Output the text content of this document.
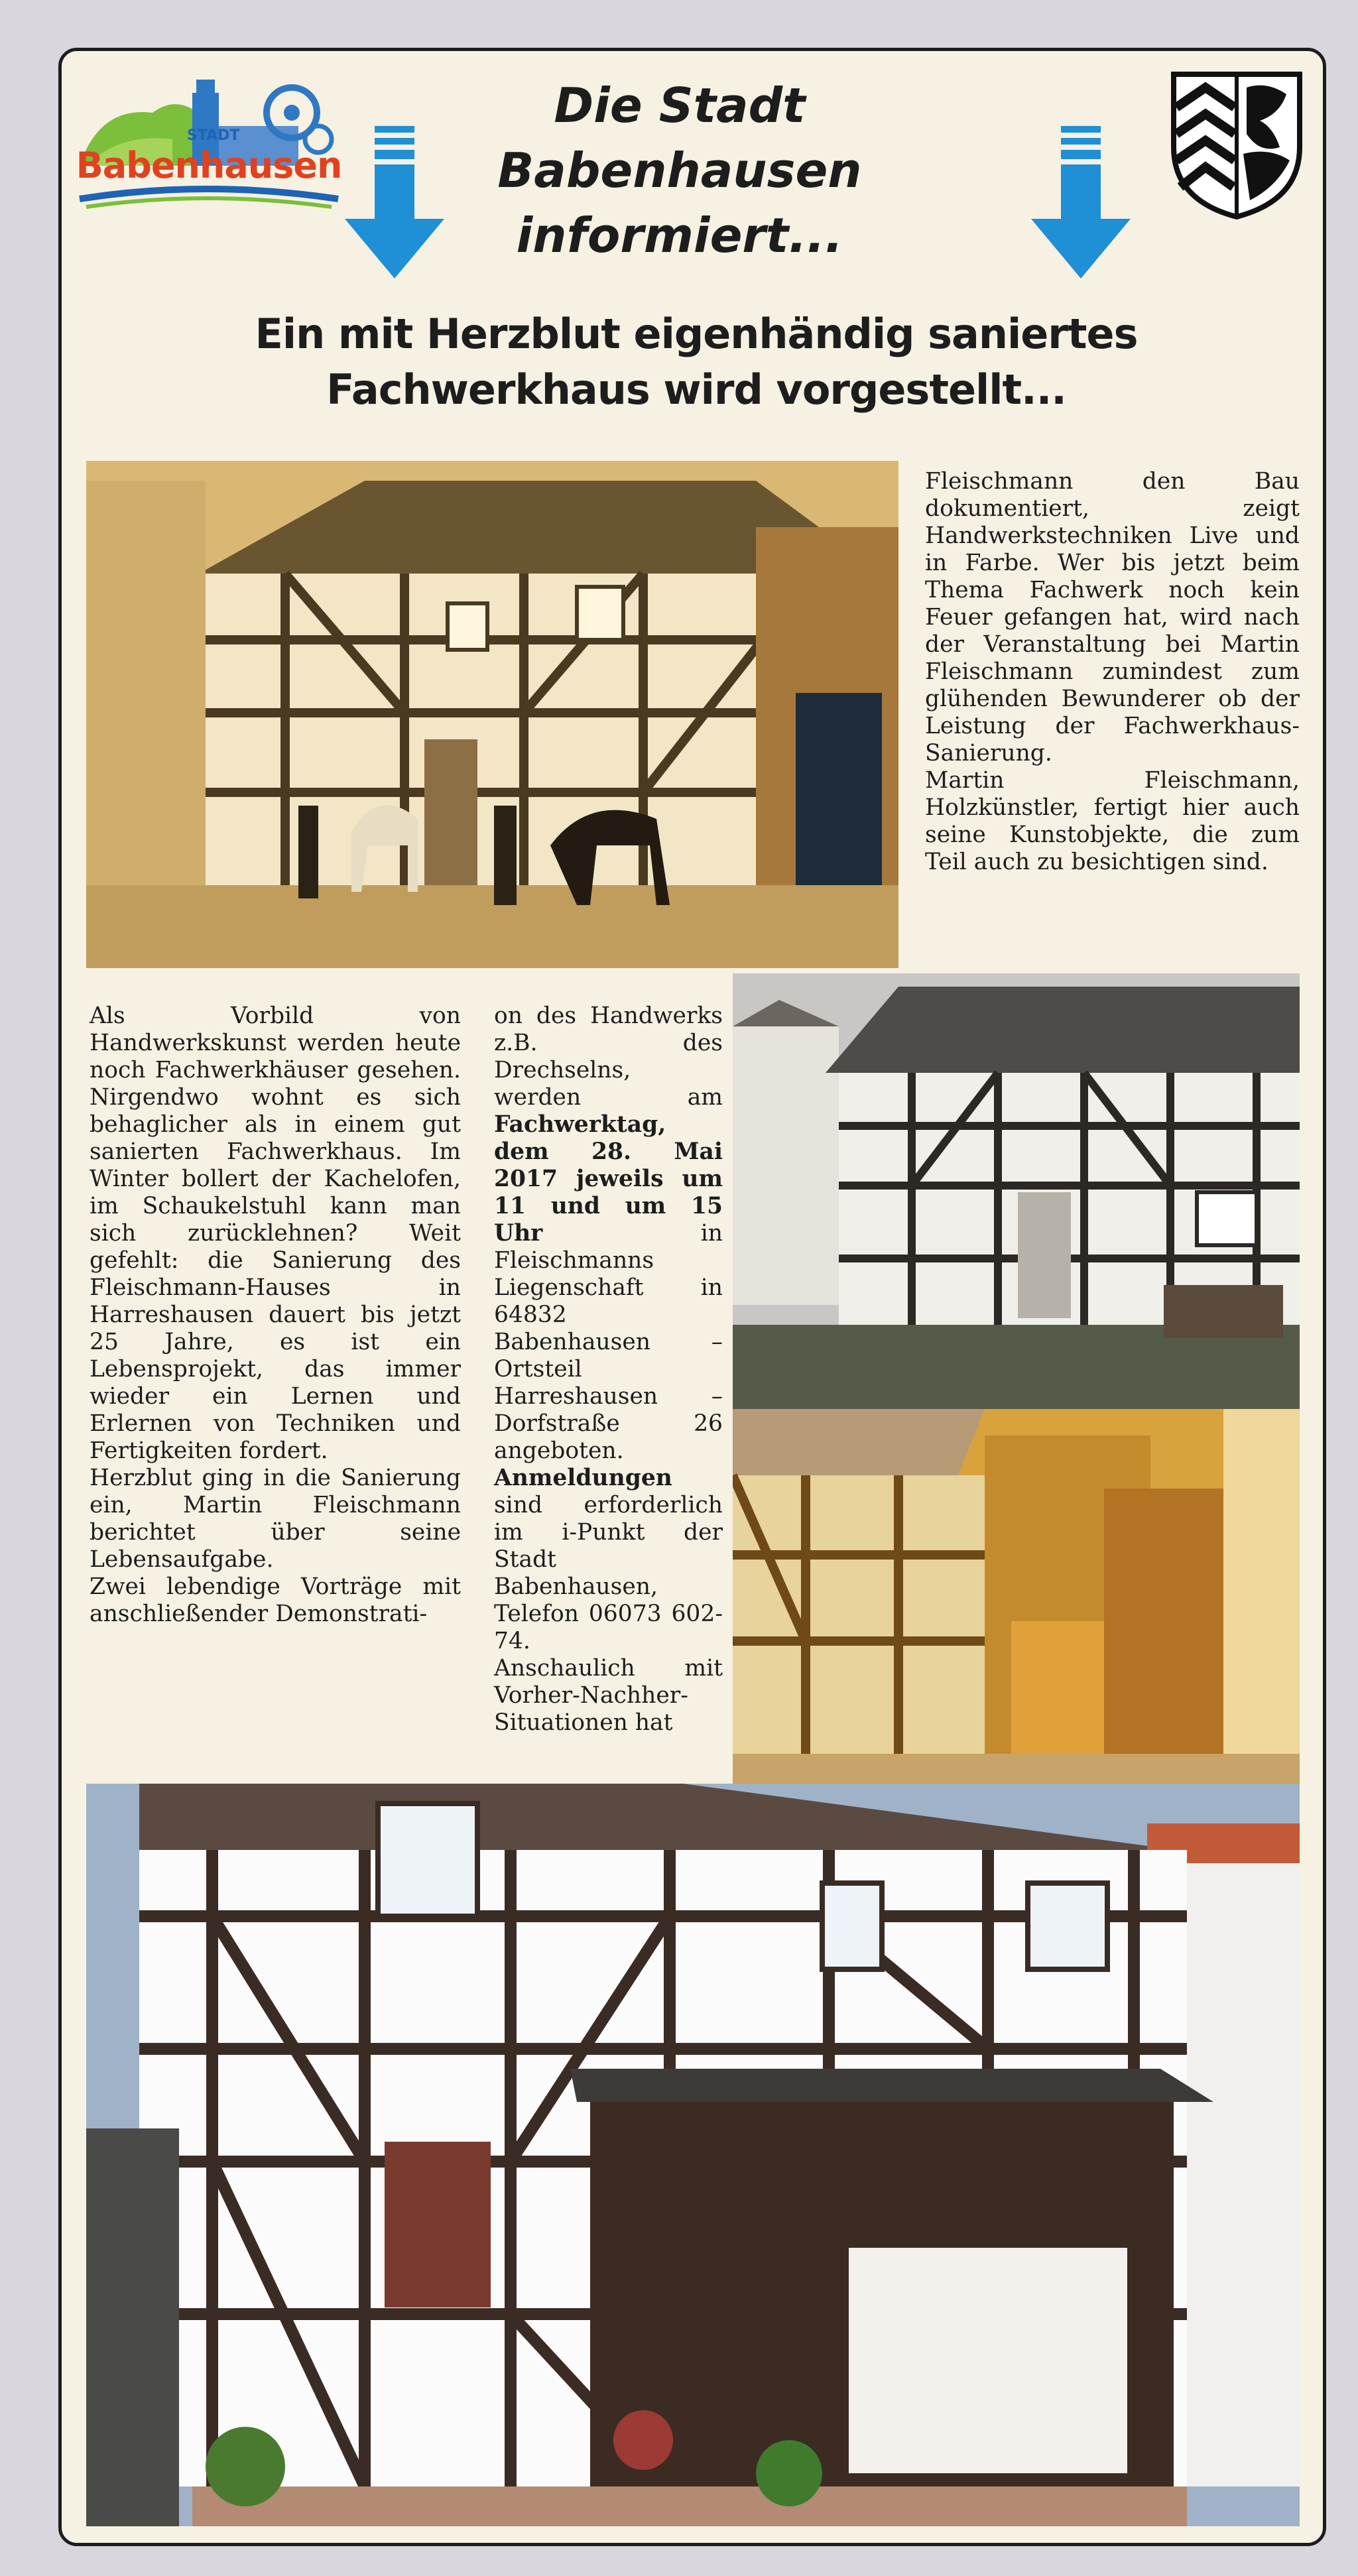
STADT
Babenhausen
Die Stadt Babenhausen
informiert...
Ein mit Herzblut eigenhändig saniertes
Fachwerkhaus wird vorgestellt...
Fleischmann den Bau dokumentiert, zeigt Handwerkstechniken Live und in Farbe. Wer bis jetzt beim Thema Fachwerk noch kein Feuer gefangen hat, wird nach der Veranstaltung bei Martin Fleischmann zumindest zum glühenden Bewunderer ob der Leistung der Fachwerkhaus-Sanierung.
Martin Fleischmann, Holzkünstler, fertigt hier auch seine Kunstobjekte, die zum Teil auch zu besichtigen sind.
Als Vorbild von Handwerkskunst werden heute noch Fachwerkhäuser gesehen. Nirgendwo wohnt es sich behaglicher als in einem gut sanierten Fachwerkhaus. Im Winter bollert der Kachelofen, im Schaukelstuhl kann man sich zurücklehnen? Weit gefehlt: die Sanierung des Fleischmann-Hauses in Harreshausen dauert bis jetzt 25 Jahre, es ist ein Lebensprojekt, das immer wieder ein Lernen und Erlernen von Techniken und Fertigkeiten fordert.
Herzblut ging in die Sanierung ein, Martin Fleischmann berichtet über seine Lebensaufgabe.
Zwei lebendige Vorträge mit anschließender Demonstrati-
on des Handwerks z.B. des Drechselns, werden am Fachwerktag, dem 28. Mai 2017 jeweils um 11 und um 15 Uhr in Fleischmanns Liegenschaft in 64832 Babenhausen – Ortsteil Harreshausen – Dorfstraße 26 angeboten. Anmeldungen sind erforderlich im i-Punkt der Stadt Babenhausen, Telefon 06073 602-74.
Anschaulich mit Vorher-Nachher-Situationen hat
